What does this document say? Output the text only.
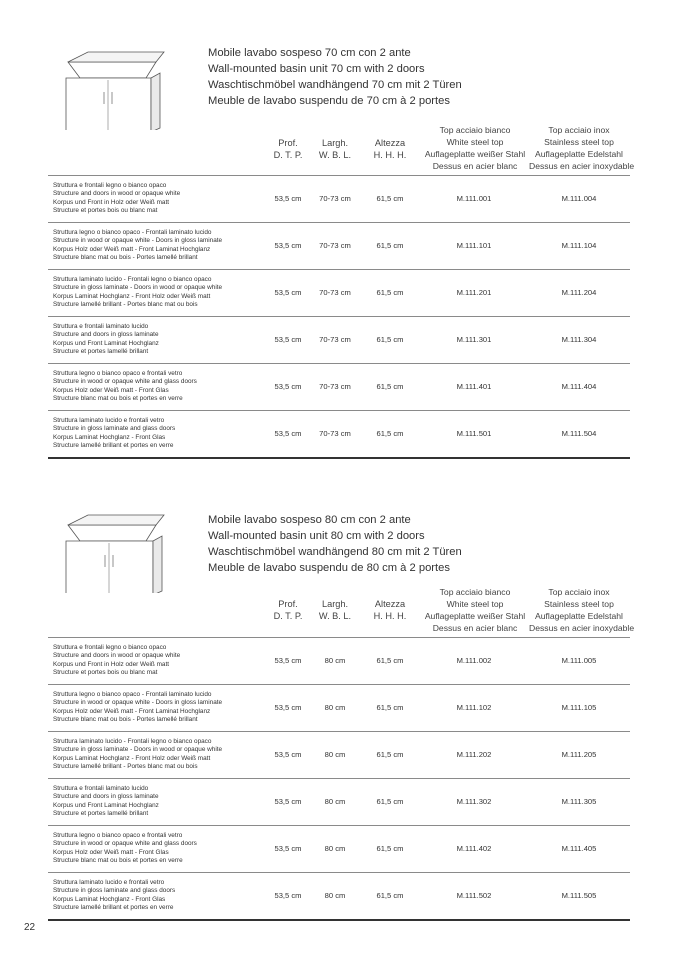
Mobile lavabo sospeso 70 cm con 2 ante
Wall-mounted basin unit 70 cm with 2 doors
Waschtischmöbel wandhängend 70 cm mit 2 Türen
Meuble de lavabo suspendu de 70 cm à 2 portes
Prof.
D. T. P.
Largh.
W. B. L.
Altezza
H. H. H.
Top acciaio bianco
White steel top
Auflageplatte weißer Stahl
Dessus en acier blanc
Top acciaio inox
Stainless steel top
Auflageplatte Edelstahl
Dessus en acier inoxydable
Struttura e frontali legno o bianco opaco
Structure and doors in wood or opaque white
Korpus und Front in Holz oder Weiß matt
Structure et portes bois ou blanc mat
53,5 cm	70-73 cm	61,5 cm	M.111.001	M.111.004
Struttura legno o bianco opaco - Frontali laminato lucido
Structure in wood or opaque white - Doors in gloss laminate
Korpus Holz oder Weiß matt - Front Laminat Hochglanz
Structure blanc mat ou bois - Portes lamellé brillant
53,5 cm	70-73 cm	61,5 cm	M.111.101	M.111.104
Struttura laminato lucido - Frontali legno o bianco opaco
Structure in gloss laminate - Doors in wood or opaque white
Korpus Laminat Hochglanz - Front Holz oder Weiß matt
Structure lamellé brillant - Portes blanc mat ou bois
53,5 cm	70-73 cm	61,5 cm	M.111.201	M.111.204
Struttura e frontali laminato lucido
Structure and doors in gloss laminate
Korpus und Front Laminat Hochglanz
Structure et portes lamellé brillant
53,5 cm	70-73 cm	61,5 cm	M.111.301	M.111.304
Struttura legno o bianco opaco e frontali vetro
Structure in wood or opaque white and glass doors
Korpus Holz oder Weiß matt - Front Glas
Structure blanc mat ou bois et portes en verre
53,5 cm	70-73 cm	61,5 cm	M.111.401	M.111.404
Struttura laminato lucido e frontali vetro
Structure in gloss laminate and glass doors
Korpus Laminat Hochglanz - Front Glas
Structure lamellé brillant et portes en verre
53,5 cm	70-73 cm	61,5 cm	M.111.501	M.111.504
Mobile lavabo sospeso 80 cm con 2 ante
Wall-mounted basin unit 80 cm with 2 doors
Waschtischmöbel wandhängend 80 cm mit 2 Türen
Meuble de lavabo suspendu de 80 cm à 2 portes
Prof.
D. T. P.
Largh.
W. B. L.
Altezza
H. H. H.
Top acciaio bianco
White steel top
Auflageplatte weißer Stahl
Dessus en acier blanc
Top acciaio inox
Stainless steel top
Auflageplatte Edelstahl
Dessus en acier inoxydable
Struttura e frontali legno o bianco opaco
Structure and doors in wood or opaque white
Korpus und Front in Holz oder Weiß matt
Structure et portes bois ou blanc mat
53,5 cm	80 cm	61,5 cm	M.111.002	M.111.005
Struttura legno o bianco opaco - Frontali laminato lucido
Structure in wood or opaque white - Doors in gloss laminate
Korpus Holz oder Weiß matt - Front Laminat Hochglanz
Structure blanc mat ou bois - Portes lamellé brillant
53,5 cm	80 cm	61,5 cm	M.111.102	M.111.105
Struttura laminato lucido - Frontali legno o bianco opaco
Structure in gloss laminate - Doors in wood or opaque white
Korpus Laminat Hochglanz - Front Holz oder Weiß matt
Structure lamellé brillant - Portes blanc mat ou bois
53,5 cm	80 cm	61,5 cm	M.111.202	M.111.205
Struttura e frontali laminato lucido
Structure and doors in gloss laminate
Korpus und Front Laminat Hochglanz
Structure et portes lamellé brillant
53,5 cm	80 cm	61,5 cm	M.111.302	M.111.305
Struttura legno o bianco opaco e frontali vetro
Structure in wood or opaque white and glass doors
Korpus Holz oder Weiß matt - Front Glas
Structure blanc mat ou bois et portes en verre
53,5 cm	80 cm	61,5 cm	M.111.402	M.111.405
Struttura laminato lucido e frontali vetro
Structure in gloss laminate and glass doors
Korpus Laminat Hochglanz - Front Glas
Structure lamellé brillant et portes en verre
53,5 cm	80 cm	61,5 cm	M.111.502	M.111.505
22
